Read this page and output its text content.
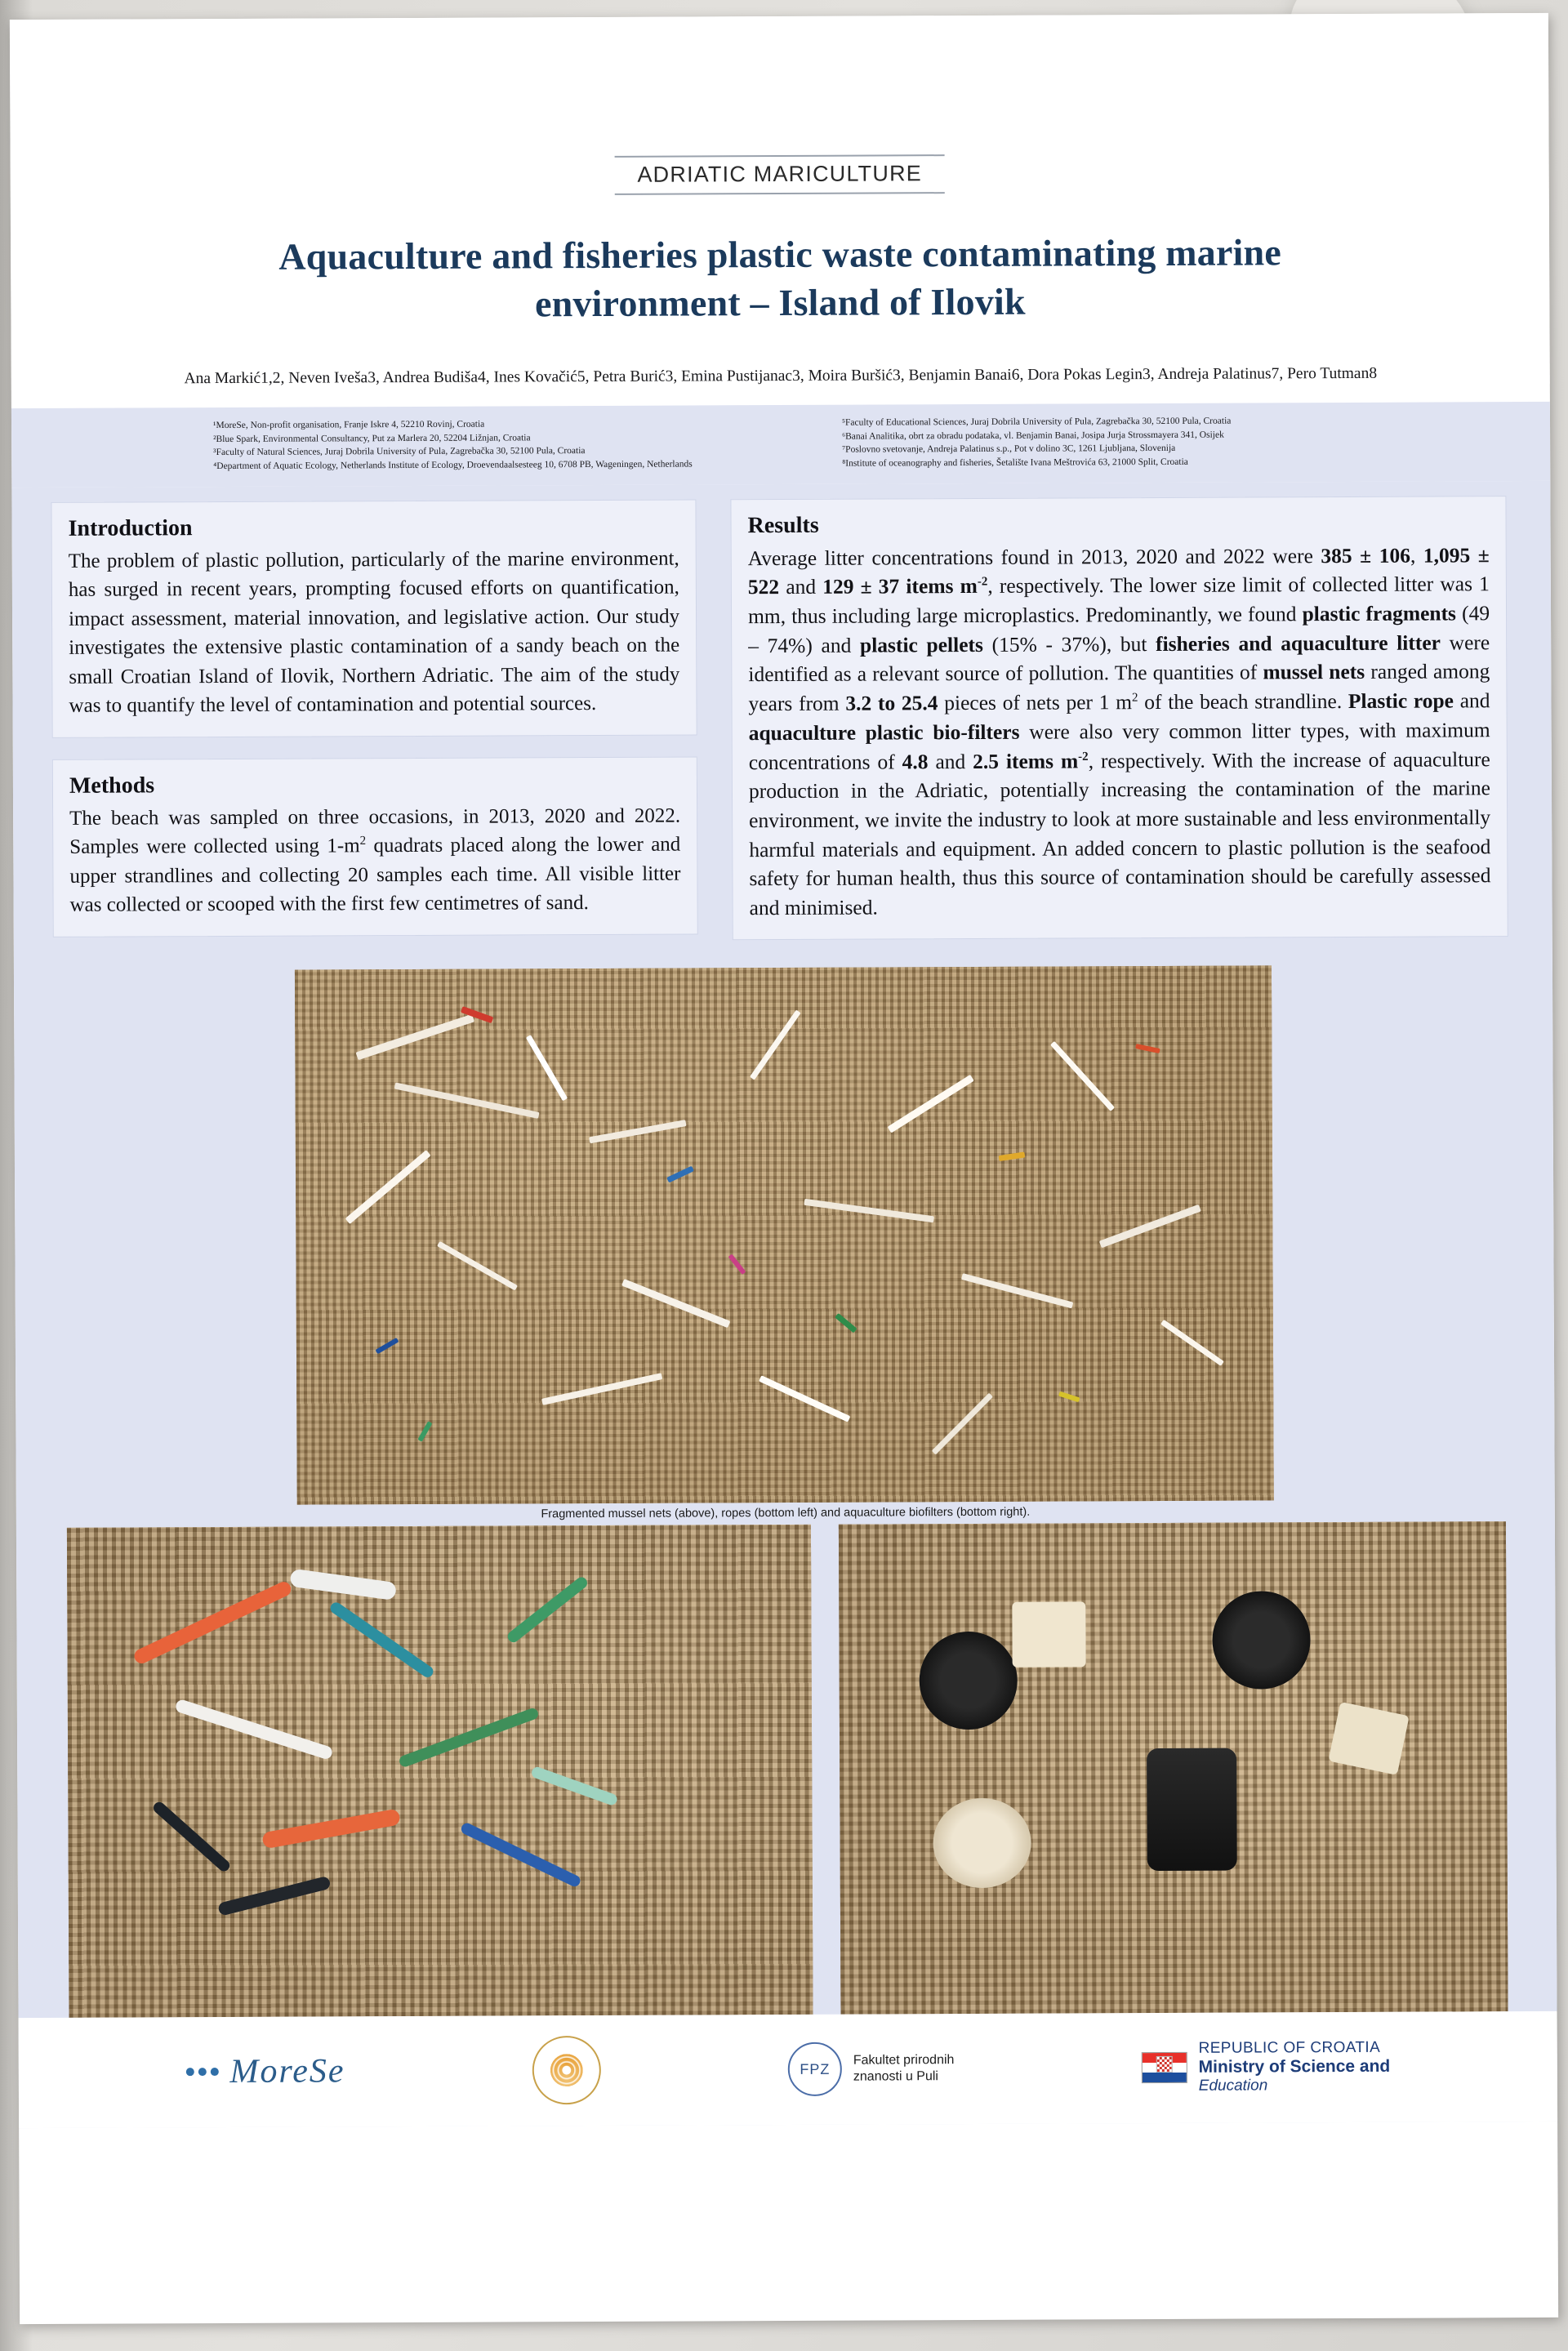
ADRIATIC MARICULTURE
Aquaculture and fisheries plastic waste contaminating marine environment – Island of Ilovik
Ana Markić1,2, Neven Iveša3, Andrea Budiša4, Ines Kovačić5, Petra Burić3, Emina Pustijanac3, Moira Buršić3, Benjamin Banai6, Dora Pokas Legin3, Andreja Palatinus7, Pero Tutman8
¹MoreSe, Non-profit organisation, Franje Iskre 4, 52210 Rovinj, Croatia
²Blue Spark, Environmental Consultancy, Put za Marlera 20, 52204 Ližnjan, Croatia
³Faculty of Natural Sciences, Juraj Dobrila University of Pula, Zagrebačka 30, 52100 Pula, Croatia
⁴Department of Aquatic Ecology, Netherlands Institute of Ecology, Droevendaalsesteeg 10, 6708 PB, Wageningen, Netherlands
⁵Faculty of Educational Sciences, Juraj Dobrila University of Pula, Zagrebačka 30, 52100 Pula, Croatia
⁶Banai Analitika, obrt za obradu podataka, vl. Benjamin Banai, Josipa Jurja Strossmayera 341, Osijek
⁷Poslovno svetovanje, Andreja Palatinus s.p., Pot v dolino 3C, 1261 Ljubljana, Slovenija
⁸Institute of oceanography and fisheries, Šetalište Ivana Meštrovića 63, 21000 Split, Croatia
Introduction

The problem of plastic pollution, particularly of the marine environment, has surged in recent years, prompting focused efforts on quantification, impact assessment, material innovation, and legislative action. Our study investigates the extensive plastic contamination of a sandy beach on the small Croatian Island of Ilovik, Northern Adriatic. The aim of the study was to quantify the level of contamination and potential sources.

Methods

The beach was sampled on three occasions, in 2013, 2020 and 2022. Samples were collected using $1-m^2$ quadrats placed along the lower and upper strandlines and collecting 20 samples each time. All visible litter was collected or scooped with the first few centimetres of sand.

Results

Average litter concentrations found in 2013, 2020 and 2022 were 385 ± 106, 1,095 ± 522 and 129 ± 37 items $m^{-2}$, respectively. The lower size limit of collected litter was 1 mm, thus including large microplastics. Predominantly, we found plastic fragments (49 – 74%) and plastic pellets (15% - 37%), but fisheries and aquaculture litter were identified as a relevant source of pollution. The quantities of mussel nets ranged among years from 3.2 to 25.4 pieces of nets per 1 $m^2$ of the beach strandline. Plastic rope and aquaculture plastic bio-filters were also very common litter types, with maximum concentrations of 4.8 and 2.5 items $m^{-2}$, respectively. With the increase of aquaculture production in the Adriatic, potentially increasing the contamination of the marine environment, we invite the industry to look at more sustainable and less environmentally harmful materials and equipment. An added concern to plastic pollution is the seafood safety for human health, thus this source of contamination should be carefully assessed and minimised.

Fragmented mussel nets (above), ropes (bottom left) and aquaculture biofilters (bottom right).
MoreSe	FPZ
Fakultet prirodnih
znanosti u Puli
REPUBLIC OF CROATIA
Ministry of Science and
Education
